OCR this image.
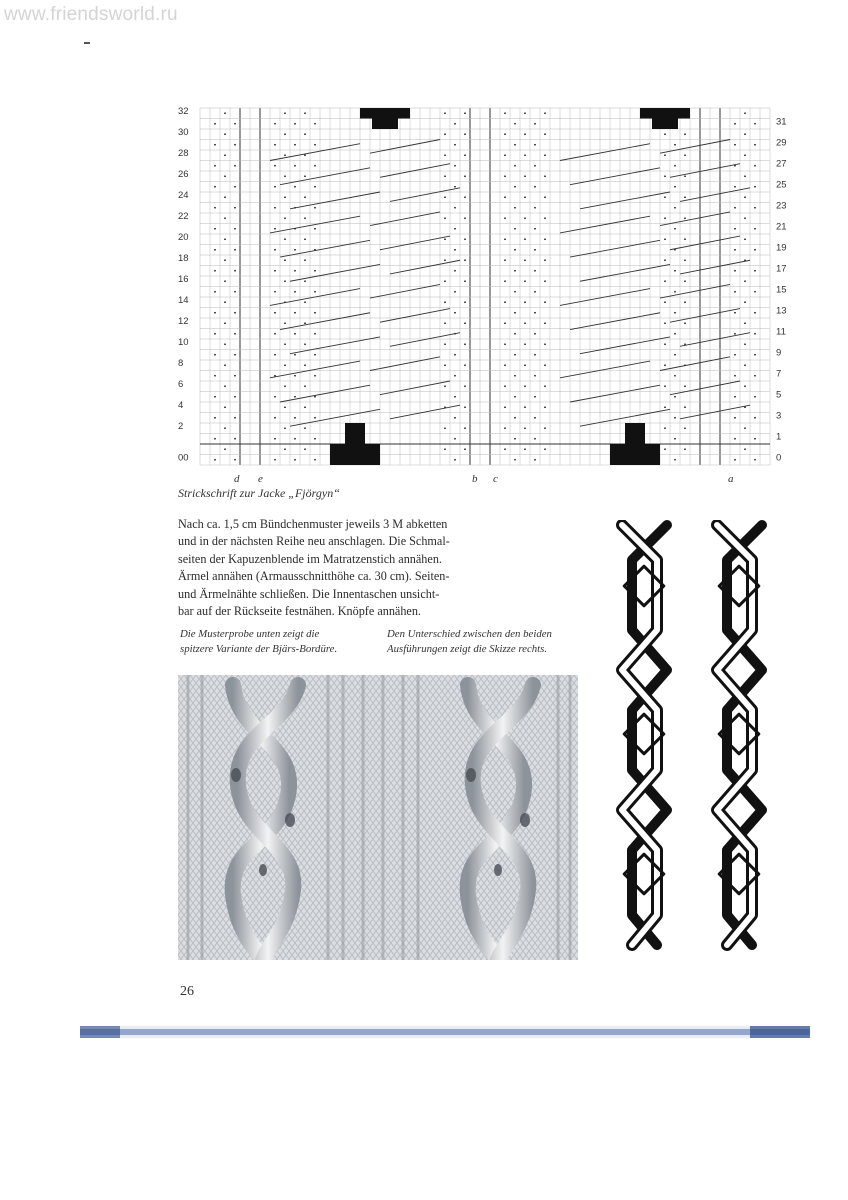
www.friendsworld.ru
32
30
28
26
24
22
20
18
16
14
12
10
8
6
4
2
00
31
29
27
25
23
21
19
17
15
13
11
9
7
5
3
1
0
d e	b c	a
Strickschrift zur Jacke „Fjörgyn“

Nach ca. 1,5 cm Bündchenmuster jeweils 3 M abketten
und in der nächsten Reihe neu anschlagen. Die Schmal-
seiten der Kapuzenblende im Matratzenstich annähen.
Ärmel annähen (Armausschnitthöhe ca. 30 cm). Seiten-
und Ärmelnähte schließen. Die Innentaschen unsicht-
bar auf der Rückseite festnähen. Knöpfe annähen.

Die Musterprobe unten zeigt die
spitzere Variante der Bjärs-Bordüre.

Den Unterschied zwischen den beiden
Ausführungen zeigt die Skizze rechts.

26
